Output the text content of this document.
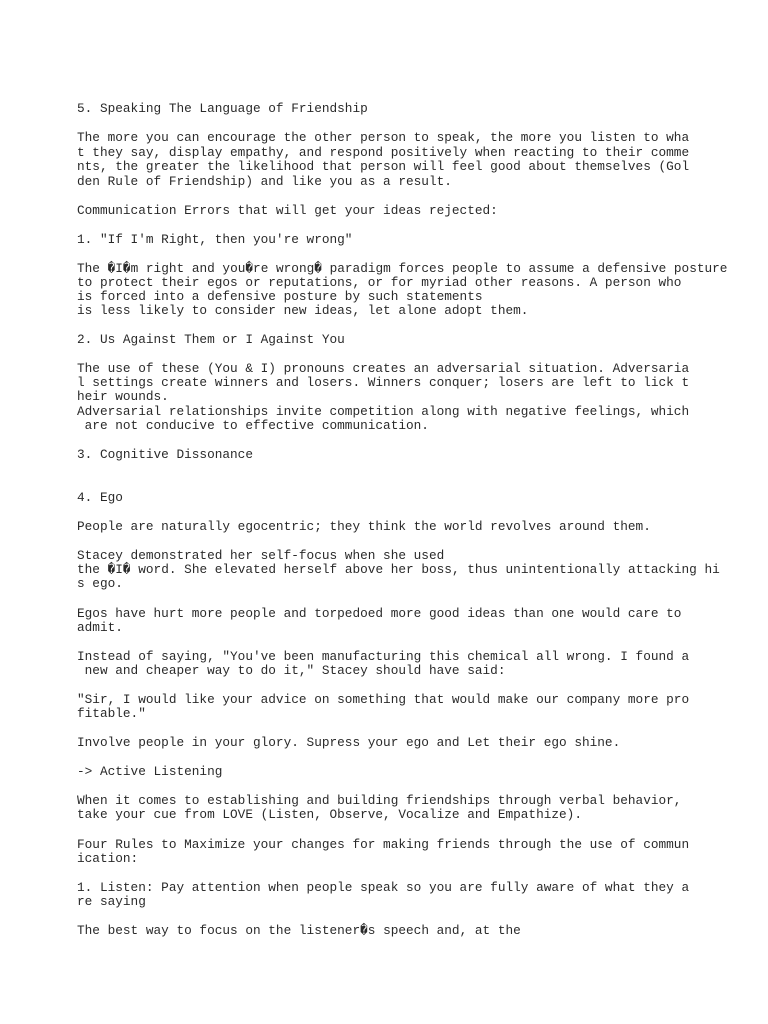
5. Speaking The Language of Friendship

The more you can encourage the other person to speak, the more you listen to wha

t they say, display empathy, and respond positively when reacting to their comme

nts, the greater the likelihood that person will feel good about themselves (Gol

den Rule of Friendship) and like you as a result.

Communication Errors that will get your ideas rejected:

1. "If I'm Right, then you're wrong"

The �I�m right and you�re wrong� paradigm forces people to assume a defensive posture

to protect their egos or reputations, or for myriad other reasons. A person who

is forced into a defensive posture by such statements

is less likely to consider new ideas, let alone adopt them.

2. Us Against Them or I Against You

The use of these (You & I) pronouns creates an adversarial situation. Adversaria

l settings create winners and losers. Winners conquer; losers are left to lick t

heir wounds.

Adversarial relationships invite competition along with negative feelings, which

are not conducive to effective communication.

3. Cognitive Dissonance

4. Ego

People are naturally egocentric; they think the world revolves around them.

Stacey demonstrated her self-focus when she used

the �I� word. She elevated herself above her boss, thus unintentionally attacking hi

s ego.

Egos have hurt more people and torpedoed more good ideas than one would care to

admit.

Instead of saying, "You've been manufacturing this chemical all wrong. I found a

new and cheaper way to do it," Stacey should have said:

"Sir, I would like your advice on something that would make our company more pro

fitable."

Involve people in your glory. Supress your ego and Let their ego shine.

-> Active Listening

When it comes to establishing and building friendships through verbal behavior,

take your cue from LOVE (Listen, Observe, Vocalize and Empathize).

Four Rules to Maximize your changes for making friends through the use of commun

ication:

1. Listen: Pay attention when people speak so you are fully aware of what they a

re saying

The best way to focus on the listener�s speech and, at the
